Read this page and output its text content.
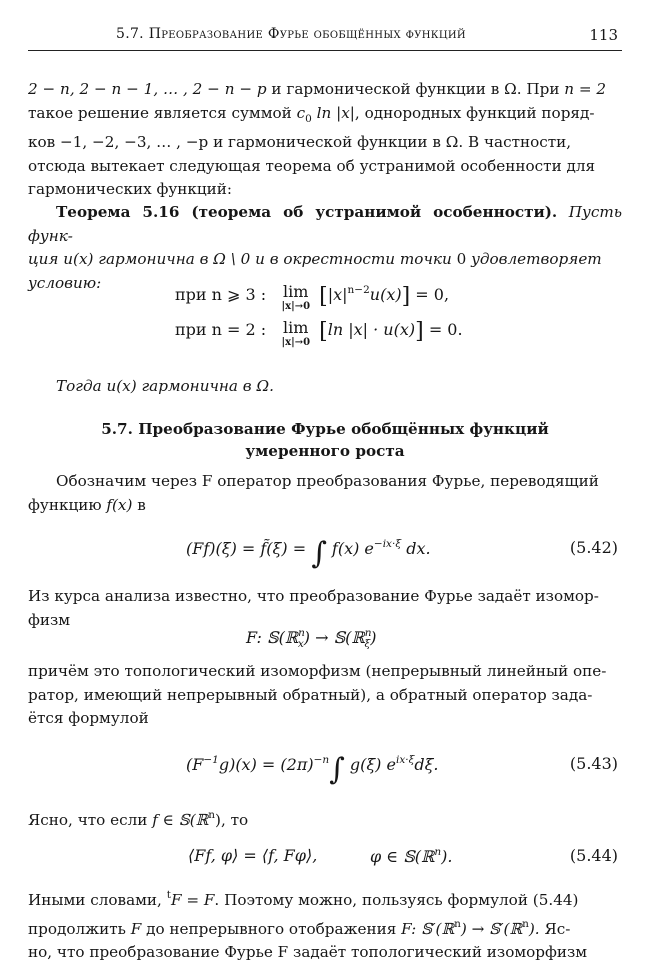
5.7. Преобразование Фурье обобщённых функций	113

2 − n, 2 − n − 1, … , 2 − n − p и гармонической функции в Ω. При n = 2
такое решение является суммой $c_0$ ln |x|, однородных функций поряд-
ков −1, −2, −3, … , −p и гармонической функции в Ω. В частности,
отсюда вытекает следующая теорема об устранимой особенности для
гармонических функций:

Теорема 5.16 (теорема об устранимой особенности). Пусть функ-
ция u(x) гармонична в Ω \ 0 и в окрестности точки 0 удовлетворяет
условию:

при n ⩾ 3 : lim
|x|→0 $[|x|^{n-2}u(x)] = 0$,
при n = 2 : lim
|x|→0 [ln |x| · u(x)] = 0.

Тогда u(x) гармонична в Ω.

5.7. Преобразование Фурье обобщённых функций
умеренного роста

Обозначим через F оператор преобразования Фурье, переводящий
функцию f(x) в

(Ff)(ξ) = f̃(ξ) = ∫ f(x) $e^{-ix\cdot\xi}$ dx.	(5.42)

Из курса анализа известно, что преобразование Фурье задаёт изомор-
физм

F: 𝕊(ℝ$^n_x$) → 𝕊(ℝ$^n_\xi$)

причём это топологический изоморфизм (непрерывный линейный опе-
ратор, имеющий непрерывный обратный), а обратный оператор зада-
ётся формулой

$(F^{-1}g)(x) = (2\pi)^{-n}\int$ g(ξ) $e^{ix\cdot\xi}d\xi$.	(5.43)

Ясно, что если f ∈ 𝕊(ℝ$^n$), то

⟨Ff, φ⟩ = ⟨f, Fφ⟩,	φ ∈ 𝕊(ℝ$^n$).	(5.44)

Иными словами, $^t$F = F. Поэтому можно, пользуясь формулой (5.44)
продолжить F до непрерывного отображения F: 𝕊′(ℝ$^n$) → 𝕊′(ℝ$^n$). Яс-
но, что преобразование Фурье F задаёт топологический изоморфизм
